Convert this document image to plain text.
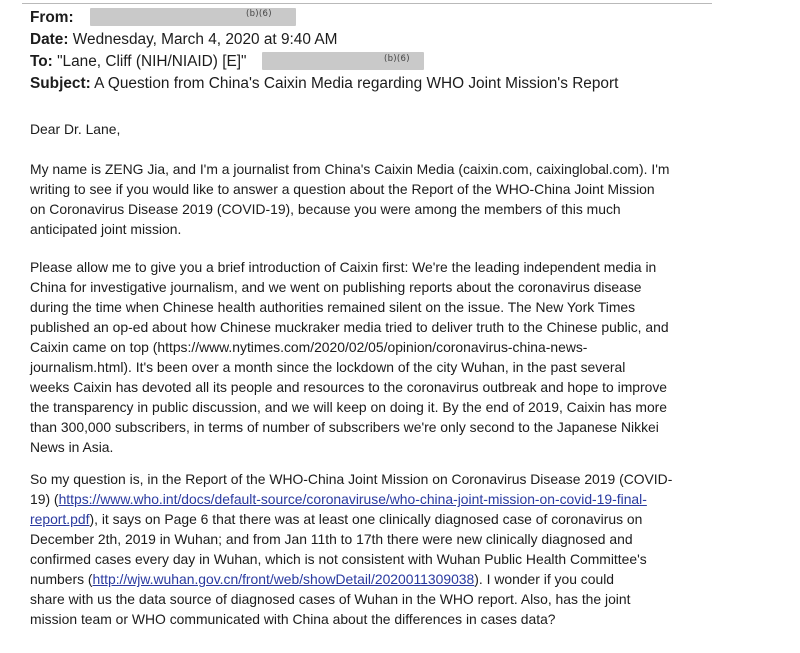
From:	(b)(6)
Date: Wednesday, March 4, 2020 at 9:40 AM
To: "Lane, Cliff (NIH/NIAID) [E]"	(b)(6)
Subject: A Question from China's Caixin Media regarding WHO Joint Mission's Report
Dear Dr. Lane,
My name is ZENG Jia, and I'm a journalist from China's Caixin Media (caixin.com, caixinglobal.com). I'm
writing to see if you would like to answer a question about the Report of the WHO-China Joint Mission
on Coronavirus Disease 2019 (COVID-19), because you were among the members of this much
anticipated joint mission.
Please allow me to give you a brief introduction of Caixin first: We're the leading independent media in
China for investigative journalism, and we went on publishing reports about the coronavirus disease
during the time when Chinese health authorities remained silent on the issue. The New York Times
published an op-ed about how Chinese muckraker media tried to deliver truth to the Chinese public, and
Caixin came on top (https://www.nytimes.com/2020/02/05/opinion/coronavirus-china-news-
journalism.html). It's been over a month since the lockdown of the city Wuhan, in the past several
weeks Caixin has devoted all its people and resources to the coronavirus outbreak and hope to improve
the transparency in public discussion, and we will keep on doing it. By the end of 2019, Caixin has more
than 300,000 subscribers, in terms of number of subscribers we're only second to the Japanese Nikkei
News in Asia.
So my question is, in the Report of the WHO-China Joint Mission on Coronavirus Disease 2019 (COVID-
19) (https://www.who.int/docs/default-source/coronaviruse/who-china-joint-mission-on-covid-19-final-
report.pdf), it says on Page 6 that there was at least one clinically diagnosed case of coronavirus on
December 2th, 2019 in Wuhan; and from Jan 11th to 17th there were new clinically diagnosed and
confirmed cases every day in Wuhan, which is not consistent with Wuhan Public Health Committee's
numbers (http://wjw.wuhan.gov.cn/front/web/showDetail/2020011309038). I wonder if you could
share with us the data source of diagnosed cases of Wuhan in the WHO report. Also, has the joint
mission team or WHO communicated with China about the differences in cases data?
